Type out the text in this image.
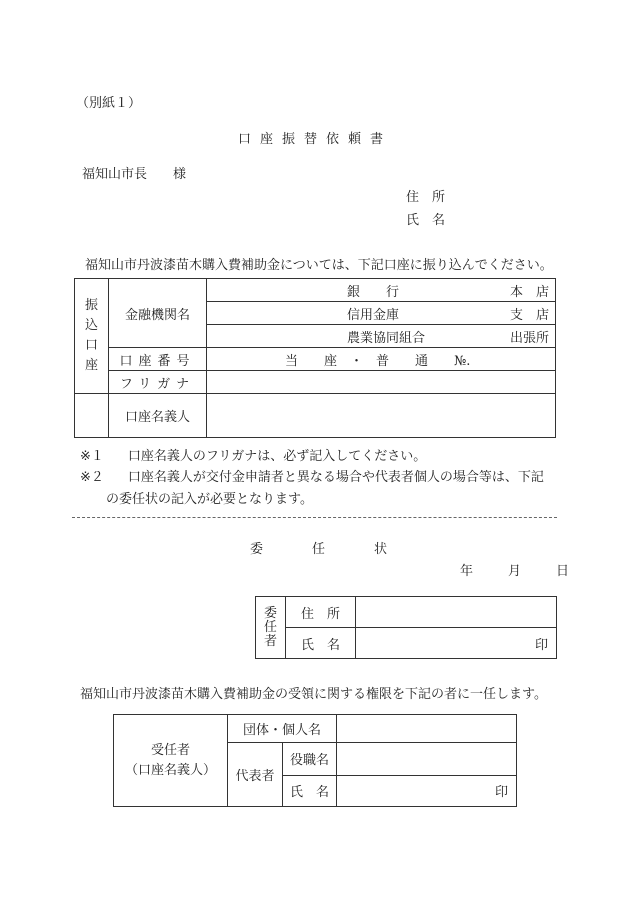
（別紙１）
口座振替依頼書
福知山市長　　様
住　所
氏　名
福知山市丹波漆苗木購入費補助金については、下記口座に振り込んでください。
振
込
口
座	金融機関名	銀　　行 本　店

		信用金庫 支　店

		農業協同組合 出張所

	口座番号	当　　座　・　普　　通　　№.
	フリガナ	
	口座名義人	
※１ 口座名義人のフリガナは、必ず記入してください。
※２ 口座名義人が交付金申請者と異なる場合や代表者個人の場合等は、下記
の委任状の記入が必要となります。
委　任　状
年　　月　　日
委
任
者	住　所	
	氏　名	印
福知山市丹波漆苗木購入費補助金の受領に関する権限を下記の者に一任します。
受任者
（口座名義人）	団体・個人名		
	代表者	役職名	
		氏　名	印
